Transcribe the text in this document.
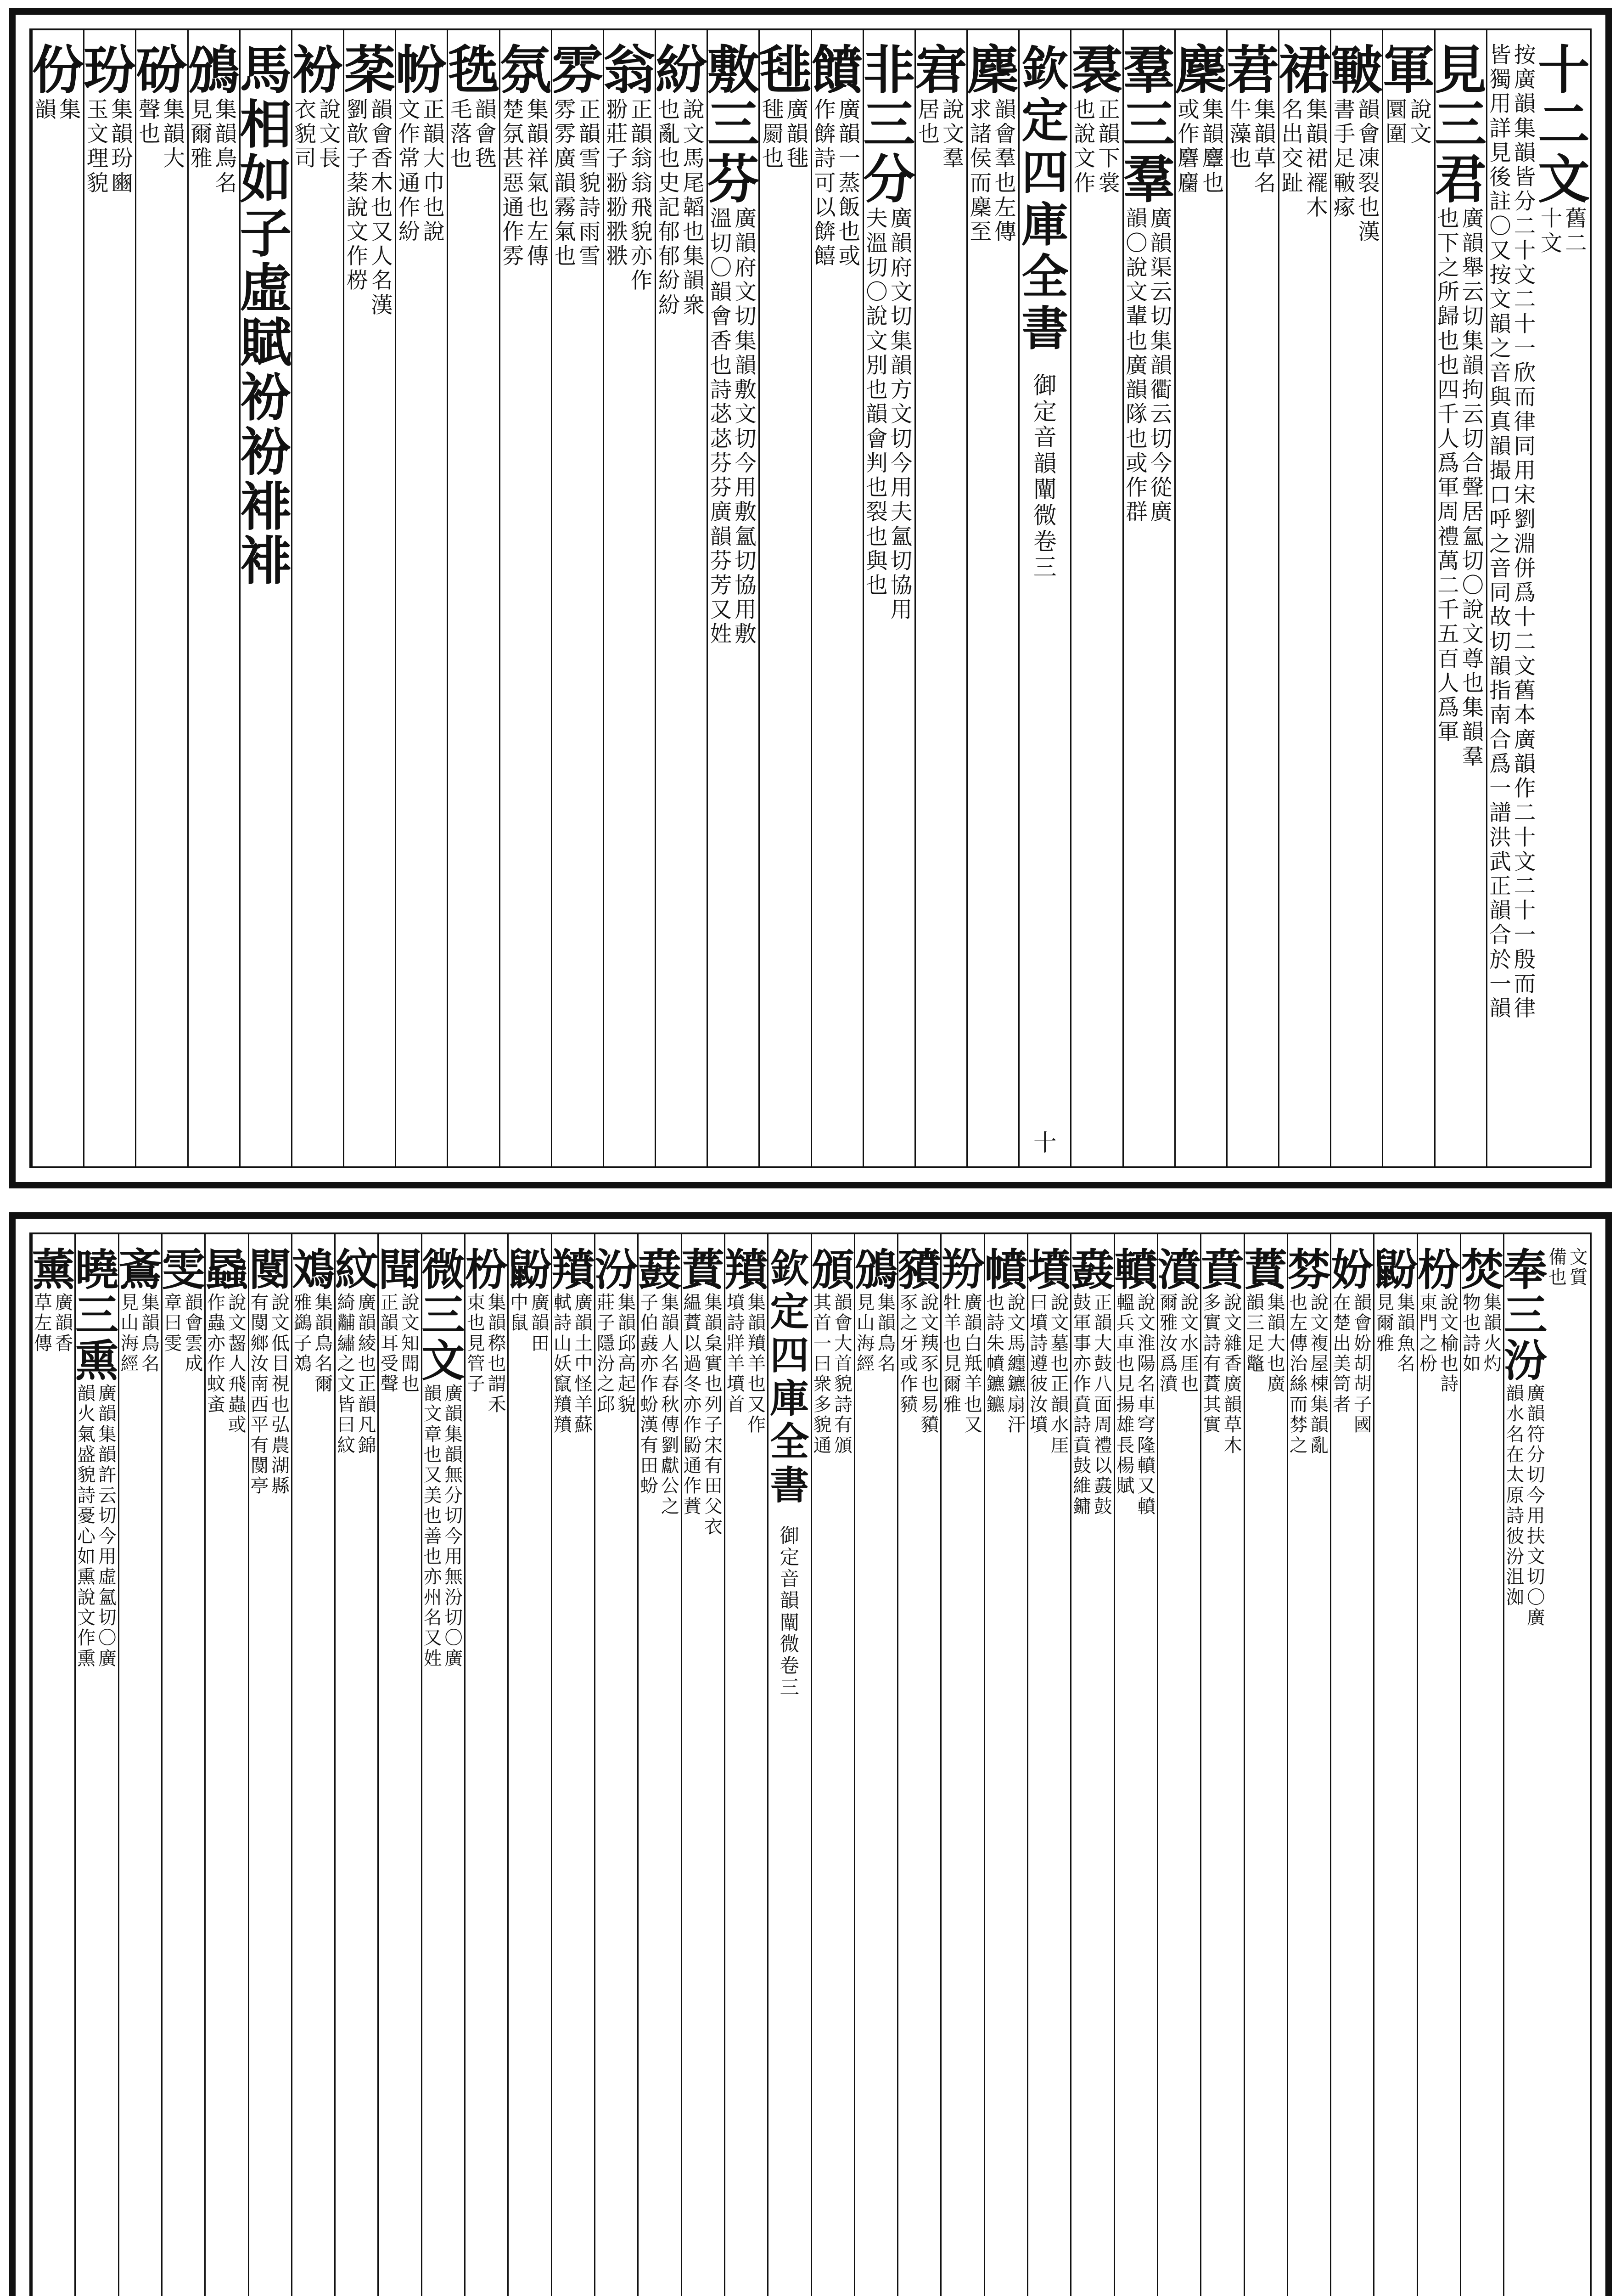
十
二
文
舊
二
十
文
按
廣
韻
集
韻
皆
分
二
十
文
二
十
一
欣
而
律
同
用
宋
劉
淵
併
爲
十
二
文
舊
本
廣
韻
作
二
十
文
二
十
一
殷
而
律
皆
獨
用
詳
見
後
註
〇
又
按
文
韻
之
音
與
真
韻
撮
口
呼
之
音
同
故
切
韻
指
南
合
爲
一
譜
洪
武
正
韻
合
於
一
韻
見
三
君
廣
韻
舉
云
切
集
韻
拘
云
切
合
聲
居
氳
切
〇
說
文
尊
也
集
韻
羣
也
下
之
所
歸
也
也
四
千
人
爲
軍
周
禮
萬
二
千
五
百
人
爲
軍
軍
說
文
圜
圍
皸
韻
會
凍
裂
也
漢
書
手
足
皸
瘃
裙
集
韻
裙
襬
木
名
出
交
趾
莙
集
韻
草
名
牛
藻
也
麇
集
韻
麞
也
或
作
麏
麕
羣
三
羣
廣
韻
渠
云
切
集
韻
衢
云
切
今
從
廣
韻
〇
說
文
輩
也
廣
韻
隊
也
或
作
群
裠
正
韻
下
裳
也
說
文
作
欽
定
四
庫
全
書
御
定
音
韻
闡
微
卷
三
十
麇
韻
會
羣
也
左
傳
求
諸
侯
而
麇
至
宭
說
文
羣
居
也
非
三
分
廣
韻
府
文
切
集
韻
方
文
切
今
用
夫
氳
切
協
用
夫
溫
切
〇
說
文
別
也
韻
會
判
也
裂
也
與
也
饙
廣
韻
一
蒸
飯
也
或
作
餴
詩
可
以
餴
饎
毴
廣
韻
毴
毴
罽
也
敷
三
芬
廣
韻
府
文
切
集
韻
敷
文
切
今
用
敷
氳
切
協
用
敷
溫
切
〇
韻
會
香
也
詩
苾
苾
芬
芬
廣
韻
芬
芳
又
姓
紛
說
文
馬
尾
韜
也
集
韻
衆
也
亂
也
史
記
郁
郁
紛
紛
翁
正
韻
翁
翁
飛
貌
亦
作
翂
莊
子
翂
翂
翐
翐
雰
正
韻
雪
貌
詩
雨
雪
雰
雰
廣
韻
霧
氣
也
氛
集
韻
祥
氣
也
左
傳
楚
氛
甚
惡
通
作
雰
毨
韻
會
毨
毛
落
也
帉
正
韻
大
巾
也
說
文
作
常
通
作
紛
棻
韻
會
香
木
也
又
人
名
漢
劉
歆
子
棻
說
文
作
梤
衯
說
文
長
衣
貌
司
馬
相
如
子
虛
賦
衯
衯
裶
裶
鳻
集
韻
鳥
名
見
爾
雅
砏
集
韻
大
聲
也
玢
集
韻
玢
豳
玉
文
理
貌
份
集
韻
文
質
備
也
奉
三
汾
廣
韻
符
分
切
今
用
扶
文
切
〇
廣
韻
水
名
在
太
原
詩
彼
汾
沮
洳
焚
集
韻
火
灼
物
也
詩
如
枌
說
文
榆
也
詩
東
門
之
枌
鼢
集
韻
魚
名
見
爾
雅
妢
韻
會
妢
胡
胡
子
國
在
楚
出
美
笥
者
棼
說
文
複
屋
棟
集
韻
亂
也
左
傳
治
絲
而
棼
之
蕡
集
韻
大
也
廣
韻
三
足
鼈
賁
說
文
雜
香
廣
韻
草
木
多
實
詩
有
蕡
其
實
濆
說
文
水
厓
也
爾
雅
汝
爲
濆
轒
說
文
淮
陽
名
車
穹
隆
轒
又
轒
轀
兵
車
也
見
揚
雄
長
楊
賦
鼖
正
韻
大
鼓
八
面
周
禮
以
鼖
鼓
鼓
軍
事
亦
作
賁
詩
賁
鼓
維
鏞
墳
說
文
墓
也
正
韻
水
厓
曰
墳
詩
遵
彼
汝
墳
幩
說
文
馬
纏
鑣
扇
汗
也
詩
朱
幩
鑣
鑣
羒
廣
韻
白
羝
羊
也
又
牡
羊
也
見
爾
雅
豶
說
文
羠
豕
也
易
豶
豕
之
牙
或
作
豮
鳻
集
韻
鳥
名
見
山
海
經
頒
韻
會
大
首
貌
詩
有
頒
其
首
一
曰
衆
多
貌
通
欽
定
四
庫
全
書
御
定
音
韻
闡
微
卷
三
羵
集
韻
羵
羊
也
又
作
墳
詩
牂
羊
墳
首
蕡
集
韻
枲
實
也
列
子
宋
有
田
父
衣
緼
蕡
以
過
冬
亦
作
鼢
通
作
蕡
鼖
集
韻
人
名
春
秋
傳
劉
獻
公
之
子
伯
鼖
亦
作
蚡
漢
有
田
蚡
汾
集
韻
邱
高
起
貌
莊
子
隱
汾
之
邱
羵
廣
韻
土
中
怪
羊
蘇
軾
詩
山
妖
竄
羵
羵
鼢
廣
韻
田
中
鼠
枌
集
韻
穄
也
謂
禾
束
也
見
管
子
微
三
文
廣
韻
集
韻
無
分
切
今
用
無
汾
切
〇
廣
韻
文
章
也
又
美
也
善
也
亦
州
名
又
姓
聞
說
文
知
聞
也
正
韻
耳
受
聲
紋
廣
韻
綾
也
正
韻
凡
錦
綺
黼
繡
之
文
皆
曰
紋
鳼
集
韻
鳥
名
爾
雅
鷁
子
鳼
閺
說
文
低
目
視
也
弘
農
湖
縣
有
閺
鄉
汝
南
西
平
有
閺
亭
蟁
說
文
齧
人
飛
蟲
或
作
蟲
亦
作
蚊
蚉
雯
韻
會
雲
成
章
曰
雯
鴍
集
韻
鳥
名
見
山
海
經
曉
三
熏
廣
韻
集
韻
許
云
切
今
用
虛
氳
切
〇
廣
韻
火
氣
盛
貌
詩
憂
心
如
熏
說
文
作
熏
薰
廣
韻
香
草
左
傳
